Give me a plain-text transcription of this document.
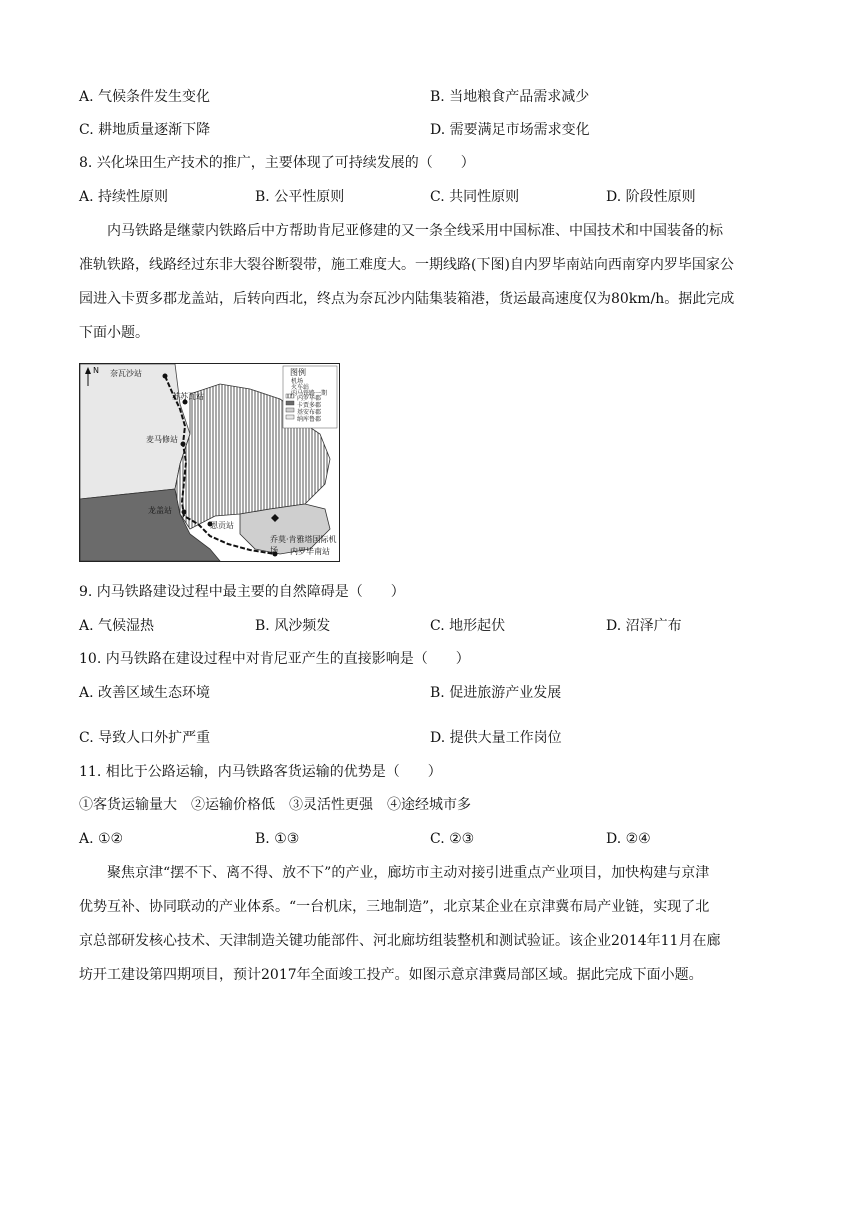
A. 气候条件发生变化	B. 当地粮食产品需求减少
C. 耕地质量逐渐下降	D. 需要满足市场需求变化
8. 兴化垛田生产技术的推广，主要体现了可持续发展的（　　）
A. 持续性原则	B. 公平性原则	C. 共同性原则	D. 阶段性原则

　　内马铁路是继蒙内铁路后中方帮助肯尼亚修建的又一条全线采用中国标准、中国技术和中国装备的标

准轨铁路，线路经过东非大裂谷断裂带，施工难度大。一期线路(下图)自内罗毕南站向西南穿内罗毕国家公

园进入卡贾多郡龙盖站，后转向西北，终点为奈瓦沙内陆集装箱港，货运最高速度仅为80km/h。据此完成

下面小题。

N 奈瓦沙站
苏苏瓦站
麦马修站
龙盖站
恩贡站
乔莫·肯雅塔国际机场	内罗毕南站
图例
机场
火车站
内马铁路一期
内罗毕郡
卡贾多郡
基安布郡
纳库鲁郡
9. 内马铁路建设过程中最主要的自然障碍是（　　）
A. 气候湿热	B. 风沙频发	C. 地形起伏	D. 沼泽广布
10. 内马铁路在建设过程中对肯尼亚产生的直接影响是（　　）
A. 改善区域生态环境	B. 促进旅游产业发展
C. 导致人口外扩严重	D. 提供大量工作岗位
11. 相比于公路运输，内马铁路客货运输的优势是（　　）
①客货运输量大　②运输价格低　③灵活性更强　④途经城市多
A. ①②	B. ①③	C. ②③	D. ②④

　　聚焦京津“摆不下、离不得、放不下”的产业，廊坊市主动对接引进重点产业项目，加快构建与京津

优势互补、协同联动的产业体系。“一台机床，三地制造”，北京某企业在京津冀布局产业链，实现了北

京总部研发核心技术、天津制造关键功能部件、河北廊坊组装整机和测试验证。该企业2014年11月在廊

坊开工建设第四期项目，预计2017年全面竣工投产。如图示意京津冀局部区域。据此完成下面小题。
